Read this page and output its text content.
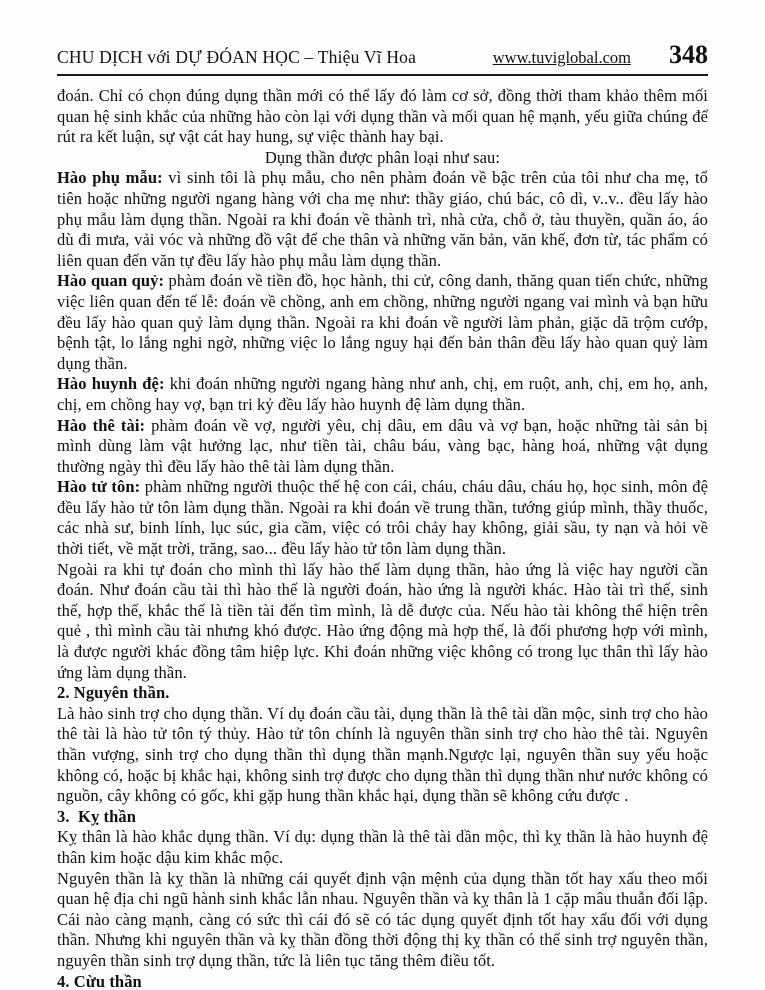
CHU DỊCH với DỰ ĐÓAN HỌC – Thiệu Vĩ Hoa	www.tuviglobal.com 348

đoán. Chỉ có chọn đúng dụng thần mới có thể lấy đó làm cơ sở, đồng thời tham khảo thêm mối quan hệ sinh khắc của những hào còn lại với dụng thần và mối quan hệ mạnh, yếu giữa chúng để rút ra kết luận, sự vật cát hay hung, sự việc thành hay bại.

Dụng thần được phân loại như sau:

Hào phụ mẫu: vì sinh tôi là phụ mẫu, cho nên phàm đoán về bậc trên của tôi như cha mẹ, tổ tiên hoặc những người ngang hàng với cha mẹ như: thầy giáo, chú bác, cô dì, v..v.. đều lấy hào phụ mẫu làm dụng thần. Ngoài ra khi đoán về thành trì, nhà cửa, chỗ ở, tàu thuyền, quần áo, áo dù đi mưa, vải vóc và những đồ vật để che thân và những văn bản, văn khế, đơn từ, tác phẩm có liên quan đến văn tự đều lấy hào phụ mẫu làm dụng thần.

Hào quan quỷ: phàm đoán về tiền đồ, học hành, thi cử, công danh, thăng quan tiến chức, những việc liên quan đến tế lễ: đoán về chồng, anh em chồng, những người ngang vai mình và bạn hữu đều lấy hào quan quỷ làm dụng thần. Ngoài ra khi đoán về người làm phản, giặc dã trộm cướp, bệnh tật, lo lắng nghi ngờ, những việc lo lắng nguy hại đến bản thân đều lấy hào quan quỷ làm dụng thần.

Hào huynh đệ: khi đoán những người ngang hàng như anh, chị, em ruột, anh, chị, em họ, anh, chị, em chồng hay vợ, bạn tri kỷ đều lấy hào huynh đệ làm dụng thần.

Hào thê tài: phàm đoán về vợ, người yêu, chị dâu, em dâu và vợ bạn, hoặc những tài sản bị mình dùng làm vật hưởng lạc, như tiền tài, châu báu, vàng bạc, hàng hoá, những vật dụng thường ngày thì đều lấy hào thê tài làm dụng thần.

Hào tử tôn: phàm những người thuộc thế hệ con cái, cháu, cháu dâu, cháu họ, học sinh, môn đệ đều lấy hào tử tôn làm dụng thần. Ngoài ra khi đoán về trung thần, tướng giúp mình, thầy thuốc, các nhà sư, binh lính, lục súc, gia cầm, việc có trôi chảy hay không, giải sầu, ty nạn và hỏi về thời tiết, về mặt trời, trăng, sao... đều lấy hào tử tôn làm dụng thần.

Ngoài ra khi tự đoán cho mình thì lấy hào thế làm dụng thần, hào ứng là việc hay người cần đoán. Như đoán cầu tài thì hào thế là người đoán, hào ứng là người khác. Hào tài trì thế, sinh thế, hợp thế, khắc thế là tiền tài đến tìm mình, là dễ được của. Nếu hào tài không thể hiện trên quẻ , thì mình cầu tài nhưng khó được. Hào ứng động mà hợp thế, là đối phương hợp với mình, là được người khác đồng tâm hiệp lực. Khi đoán những việc không có trong lục thân thì lấy hào ứng làm dụng thần.

2. Nguyên thần.

Là hào sinh trợ cho dụng thần. Ví dụ đoán cầu tài, dụng thần là thê tài dần mộc, sinh trợ cho hào thê tài là hào tử tôn tý thủy. Hào tử tôn chính là nguyên thần sinh trợ cho hào thê tài. Nguyên thần vượng, sinh trợ cho dụng thần thì dụng thần mạnh.Ngược lại, nguyên thần suy yếu hoặc không có, hoặc bị khắc hại, không sinh trợ được cho dụng thần thì dụng thần như nước không có nguồn, cây không có gốc, khi gặp hung thần khắc hại, dụng thần sẽ không cứu được .

3.  Kỵ thần

Kỵ thân là hào khắc dụng thần. Ví dụ: dụng thần là thê tài dần mộc, thì kỵ thần là hào huynh đệ thân kim hoặc dậu kim khắc mộc.

Nguyên thần là kỵ thần là những cái quyết định vận mệnh của dụng thần tốt hay xấu theo mối quan hệ địa chi ngũ hành sinh khắc lẫn nhau. Nguyên thần và kỵ thân là 1 cặp mâu thuẫn đối lập. Cái nào càng mạnh, càng có sức thì cái đó sẽ có tác dụng quyết định tốt hay xấu đối với dụng thần. Nhưng khi nguyên thần và kỵ thần đồng thời động thị kỵ thần có thể sinh trợ nguyên thần, nguyên thần sinh trợ dụng thần, tức là liên tục tăng thêm điều tốt.

4. Cừu thần
